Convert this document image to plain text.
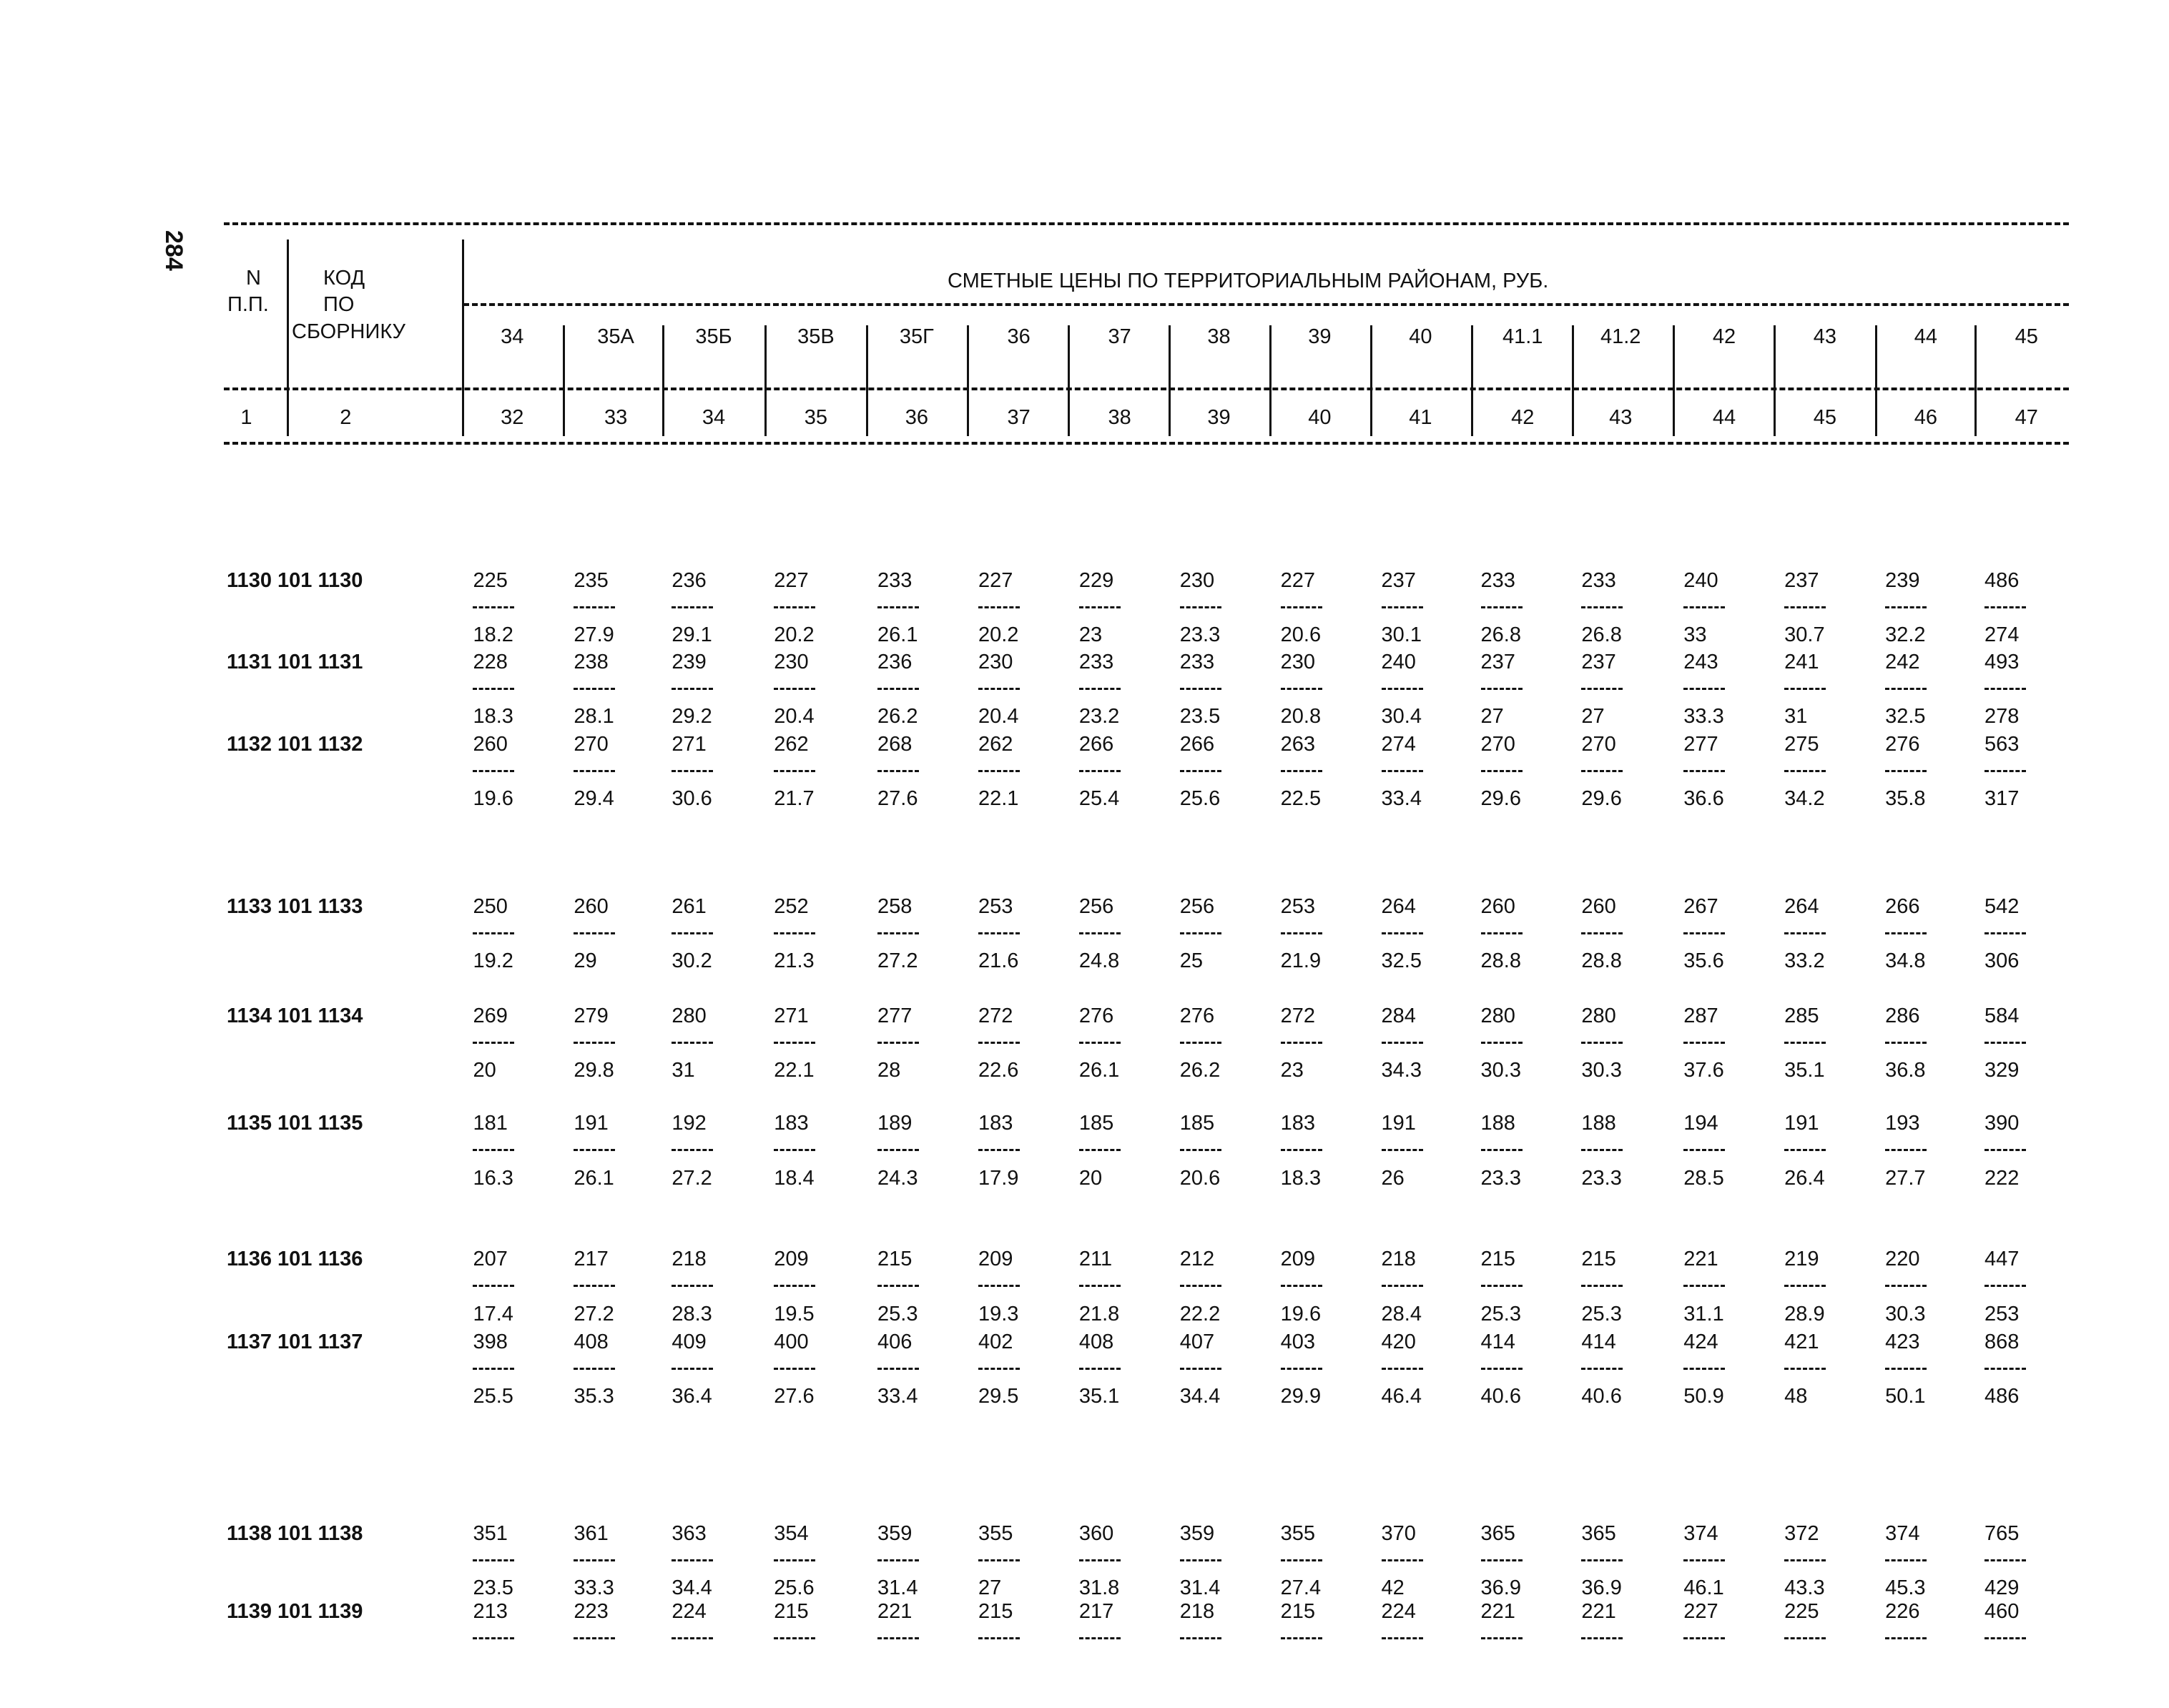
284
N
П.П.
КОД
ПО
СБОРНИКУ
СМЕТНЫЕ ЦЕНЫ ПО ТЕРРИТОРИАЛЬНЫМ РАЙОНАМ, РУБ.
34	35А	35Б	35В	35Г	36	37	38	39	40	41.1	41.2	42	43	44	45
1	2	32	33	34	35	36	37	38	39	40	41	42	43	44	45	46	47
1130 101 1130	225	235	236	227	233	227	229	230	227	237	233	233	240	237	239	486
18.2	27.9	29.1	20.2	26.1	20.2	23	23.3	20.6	30.1	26.8	26.8	33	30.7	32.2	274
1131 101 1131	228	238	239	230	236	230	233	233	230	240	237	237	243	241	242	493
18.3	28.1	29.2	20.4	26.2	20.4	23.2	23.5	20.8	30.4	27	27	33.3	31	32.5	278
1132 101 1132	260	270	271	262	268	262	266	266	263	274	270	270	277	275	276	563
19.6	29.4	30.6	21.7	27.6	22.1	25.4	25.6	22.5	33.4	29.6	29.6	36.6	34.2	35.8	317
1133 101 1133	250	260	261	252	258	253	256	256	253	264	260	260	267	264	266	542
19.2	29	30.2	21.3	27.2	21.6	24.8	25	21.9	32.5	28.8	28.8	35.6	33.2	34.8	306
1134 101 1134	269	279	280	271	277	272	276	276	272	284	280	280	287	285	286	584
20	29.8	31	22.1	28	22.6	26.1	26.2	23	34.3	30.3	30.3	37.6	35.1	36.8	329
1135 101 1135	181	191	192	183	189	183	185	185	183	191	188	188	194	191	193	390
16.3	26.1	27.2	18.4	24.3	17.9	20	20.6	18.3	26	23.3	23.3	28.5	26.4	27.7	222
1136 101 1136	207	217	218	209	215	209	211	212	209	218	215	215	221	219	220	447
17.4	27.2	28.3	19.5	25.3	19.3	21.8	22.2	19.6	28.4	25.3	25.3	31.1	28.9	30.3	253
1137 101 1137	398	408	409	400	406	402	408	407	403	420	414	414	424	421	423	868
25.5	35.3	36.4	27.6	33.4	29.5	35.1	34.4	29.9	46.4	40.6	40.6	50.9	48	50.1	486
1138 101 1138	351	361	363	354	359	355	360	359	355	370	365	365	374	372	374	765
23.5	33.3	34.4	25.6	31.4	27	31.8	31.4	27.4	42	36.9	36.9	46.1	43.3	45.3	429
1139 101 1139	213	223	224	215	221	215	217	218	215	224	221	221	227	225	226	460
